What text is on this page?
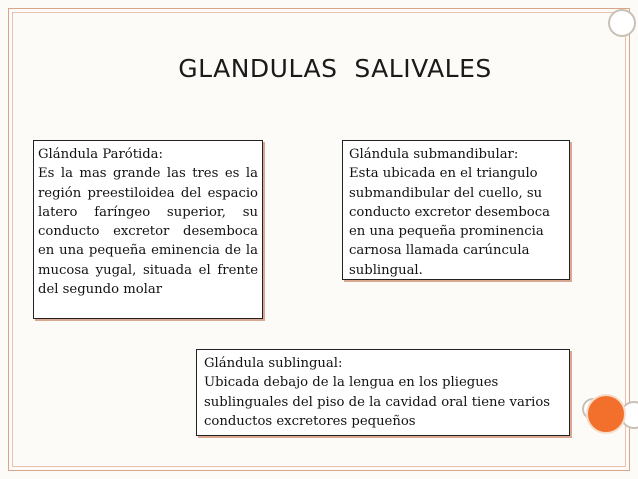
GLANDULAS  SALIVALES

Glándula Parótida:

Es la mas grande las tres es la región preestiloidea del espacio latero faríngeo superior, su conducto excretor desemboca en una pequeña eminencia de la mucosa yugal, situada el frente del segundo molar

Glándula submandibular:

Esta ubicada en el triangulo submandibular del cuello, su conducto excretor desemboca en una pequeña prominencia carnosa llamada carúncula sublingual.

Glándula sublingual:

Ubicada debajo de la lengua en los pliegues sublinguales del piso de la cavidad oral tiene varios conductos excretores pequeños
